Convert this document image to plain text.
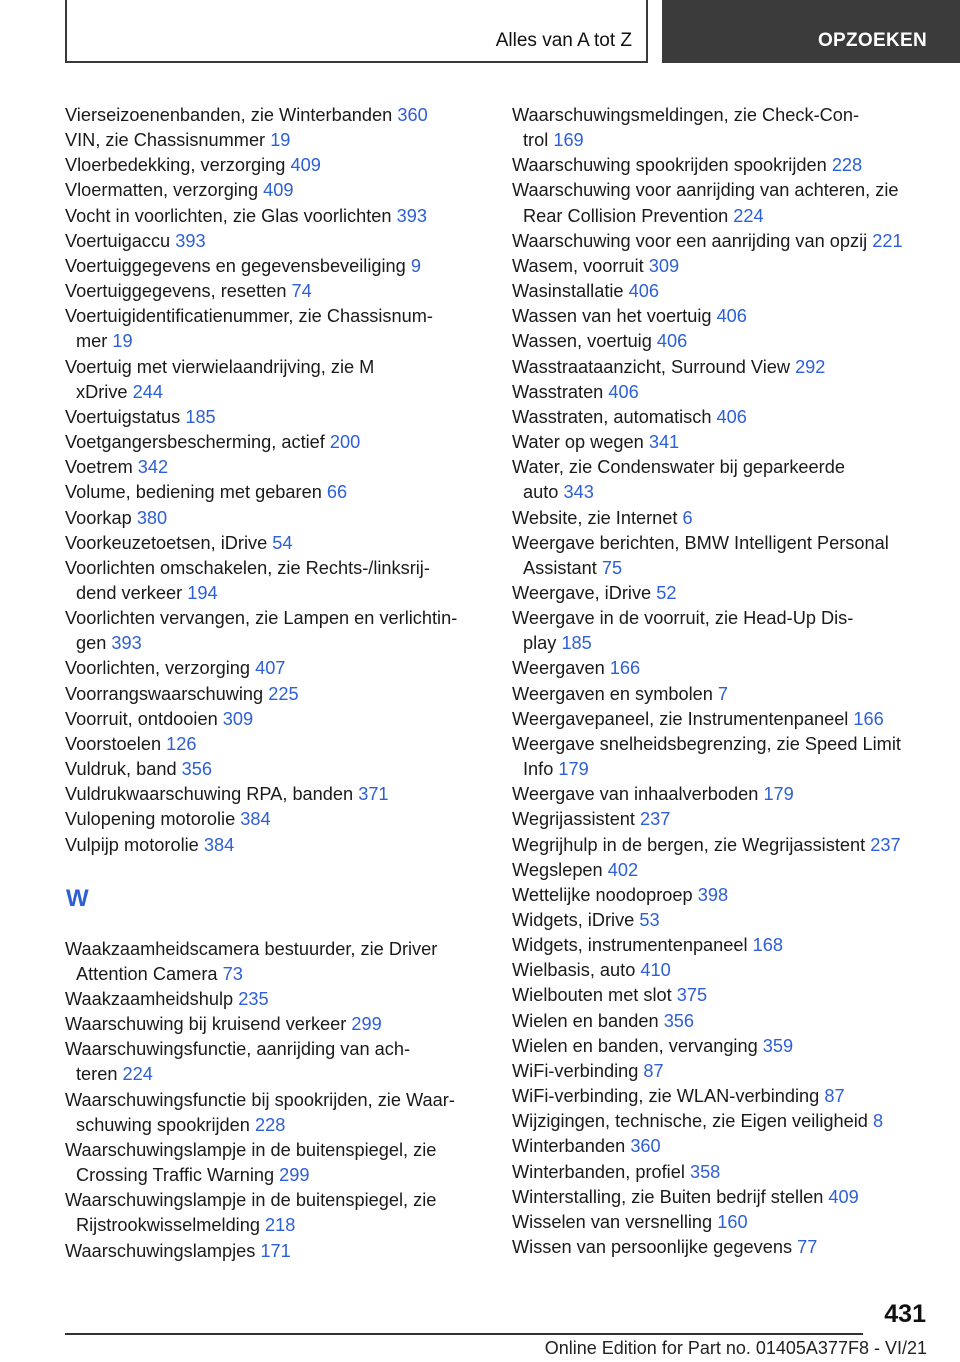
Alles van A tot Z	OPZOEKEN
Vierseizoenenbanden, zie Winterbanden 360
VIN, zie Chassisnummer 19
Vloerbedekking, verzorging 409
Vloermatten, verzorging 409
Vocht in voorlichten, zie Glas voorlichten 393
Voertuigaccu 393
Voertuiggegevens en gegevensbeveiliging 9
Voertuiggegevens, resetten 74
Voertuigidentificatienummer, zie Chassisnum-
mer 19
Voertuig met vierwielaandrijving, zie M
xDrive 244
Voertuigstatus 185
Voetgangersbescherming, actief 200
Voetrem 342
Volume, bediening met gebaren 66
Voorkap 380
Voorkeuzetoetsen, iDrive 54
Voorlichten omschakelen, zie Rechts-/linksrij-
dend verkeer 194
Voorlichten vervangen, zie Lampen en verlichtin-
gen 393
Voorlichten, verzorging 407
Voorrangswaarschuwing 225
Voorruit, ontdooien 309
Voorstoelen 126
Vuldruk, band 356
Vuldrukwaarschuwing RPA, banden 371
Vulopening motorolie 384
Vulpijp motorolie 384
W
Waakzaamheidscamera bestuurder, zie Driver
Attention Camera 73
Waakzaamheidshulp 235
Waarschuwing bij kruisend verkeer 299
Waarschuwingsfunctie, aanrijding van ach-
teren 224
Waarschuwingsfunctie bij spookrijden, zie Waar-
schuwing spookrijden 228
Waarschuwingslampje in de buitenspiegel, zie
Crossing Traffic Warning 299
Waarschuwingslampje in de buitenspiegel, zie
Rijstrookwisselmelding 218
Waarschuwingslampjes 171
Waarschuwingsmeldingen, zie Check-Con-
trol 169
Waarschuwing spookrijden spookrijden 228
Waarschuwing voor aanrijding van achteren, zie
Rear Collision Prevention 224
Waarschuwing voor een aanrijding van opzij 221
Wasem, voorruit 309
Wasinstallatie 406
Wassen van het voertuig 406
Wassen, voertuig 406
Wasstraataanzicht, Surround View 292
Wasstraten 406
Wasstraten, automatisch 406
Water op wegen 341
Water, zie Condenswater bij geparkeerde
auto 343
Website, zie Internet 6
Weergave berichten, BMW Intelligent Personal
Assistant 75
Weergave, iDrive 52
Weergave in de voorruit, zie Head-Up Dis-
play 185
Weergaven 166
Weergaven en symbolen 7
Weergavepaneel, zie Instrumentenpaneel 166
Weergave snelheidsbegrenzing, zie Speed Limit
Info 179
Weergave van inhaalverboden 179
Wegrijassistent 237
Wegrijhulp in de bergen, zie Wegrijassistent 237
Wegslepen 402
Wettelijke noodoproep 398
Widgets, iDrive 53
Widgets, instrumentenpaneel 168
Wielbasis, auto 410
Wielbouten met slot 375
Wielen en banden 356
Wielen en banden, vervanging 359
WiFi-verbinding 87
WiFi-verbinding, zie WLAN-verbinding 87
Wijzigingen, technische, zie Eigen veiligheid 8
Winterbanden 360
Winterbanden, profiel 358
Winterstalling, zie Buiten bedrijf stellen 409
Wisselen van versnelling 160
Wissen van persoonlijke gegevens 77
431
Online Edition for Part no. 01405A377F8 - VI/21
